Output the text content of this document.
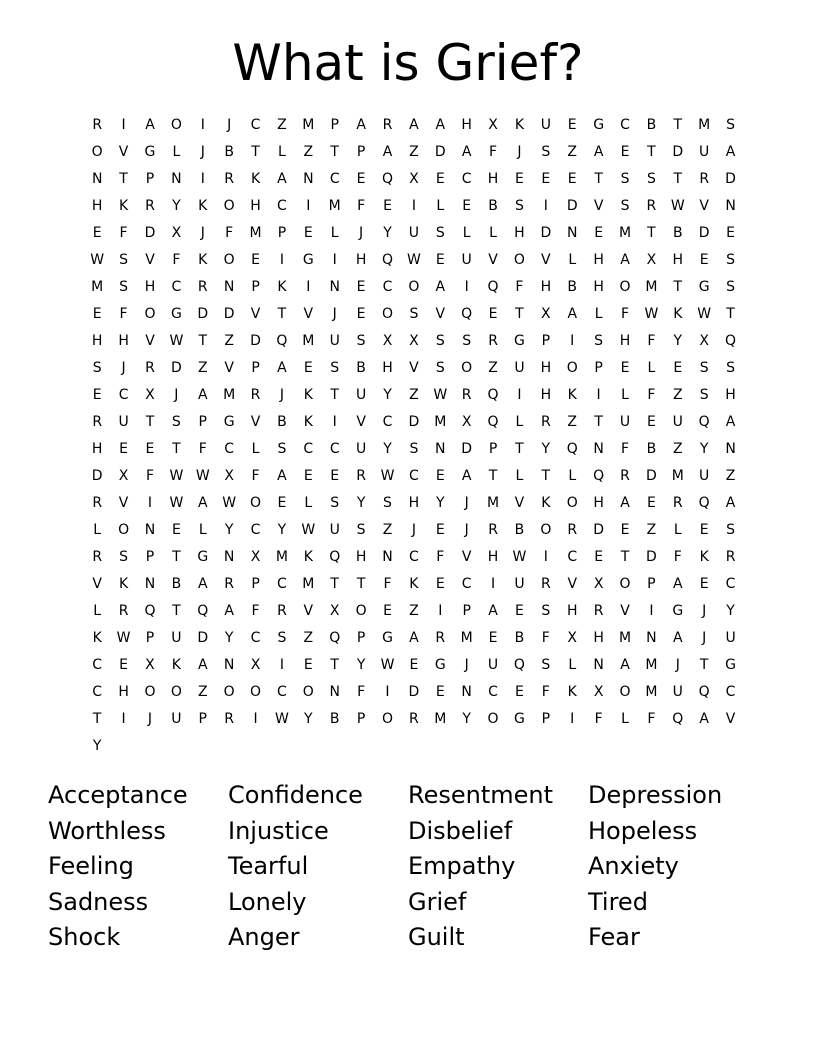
What is Grief?
R	I	A	O	I	J	C	Z	M	P	A	R	A	A	H	X	K	U	E	G	C	B	T	M	S
O	V	G	L	J	B	T	L	Z	T	P	A	Z	D	A	F	J	S	Z	A	E	T	D	U	A
N	T	P	N	I	R	K	A	N	C	E	Q	X	E	C	H	E	E	E	T	S	S	T	R	D
H	K	R	Y	K	O	H	C	I	M	F	E	I	L	E	B	S	I	D	V	S	R	W	V	N
E	F	D	X	J	F	M	P	E	L	J	Y	U	S	L	L	H	D	N	E	M	T	B	D	E
W	S	V	F	K	O	E	I	G	I	H	Q W	E	U	V	O	V	L	H	A	X	H	E	S
M	S	H	C	R	N	P	K	I	N	E	C	O	A	I	Q	F	H	B	H	O	M	T	G	S
E	F	O	G	D	D	V	T	V	J	E	O	S	V	Q	E	T	X	A	L	F	W	K	W	T
H	H	V	W	T	Z	D	Q	M	U	S	X	X	S	S	R	G	P	I	S	H	F	Y	X	Q
S	J	R	D	Z	V	P	A	E	S	B	H	V	S	O	Z	U	H	O	P	E	L	E	S	S
E	C	X	J	A	M	R	J	K	T	U	Y	Z	W	R	Q	I	H	K	I	L	F	Z	S	H
R	U	T	S	P	G	V	B	K	I	V	C	D	M	X	Q	L	R	Z	T	U	E	U	Q	A
H	E	E	T	F	C	L	S	C	C	U	Y	S	N	D	P	T	Y	Q	N	F	B	Z	Y	N
D	X	F	W W	X	F	A	E	E	R	W	C	E	A	T	L	T	L	Q	R	D	M	U	Z
R	V	I	W	A	W O	E	L	S	Y	S	H	Y	J	M	V	K	O	H	A	E	R	Q	A
L	O	N	E	L	Y	C	Y	W	U	S	Z	J	E	J	R	B	O	R	D	E	Z	L	E	S
R	S	P	T	G	N	X	M	K	Q	H	N	C	F	V	H	W	I	C	E	T	D	F	K	R
V	K	N	B	A	R	P	C	M	T	T	F	K	E	C	I	U	R	V	X	O	P	A	E	C
L	R	Q	T	Q	A	F	R	V	X	O	E	Z	I	P	A	E	S	H	R	V	I	G	J	Y
K	W	P	U	D	Y	C	S	Z	Q	P	G	A	R	M	E	B	F	X	H	M	N	A	J	U
C	E	X	K	A	N	X	I	E	T	Y	W	E	G	J	U	Q	S	L	N	A	M	J	T	G
C	H	O	O	Z	O	O	C	O	N	F	I	D	E	N	C	E	F	K	X	O	M	U	Q	C
T	I	J	U	P	R	I	W	Y	B	P	O	R	M	Y	O	G	P	I	F	L	F	Q	A	V
Y
Acceptance	Confidence	Resentment	Depression
Worthless	Injustice	Disbelief	Hopeless
Feeling	Tearful	Empathy	Anxiety
Sadness	Lonely	Grief	Tired
Shock	Anger	Guilt	Fear
